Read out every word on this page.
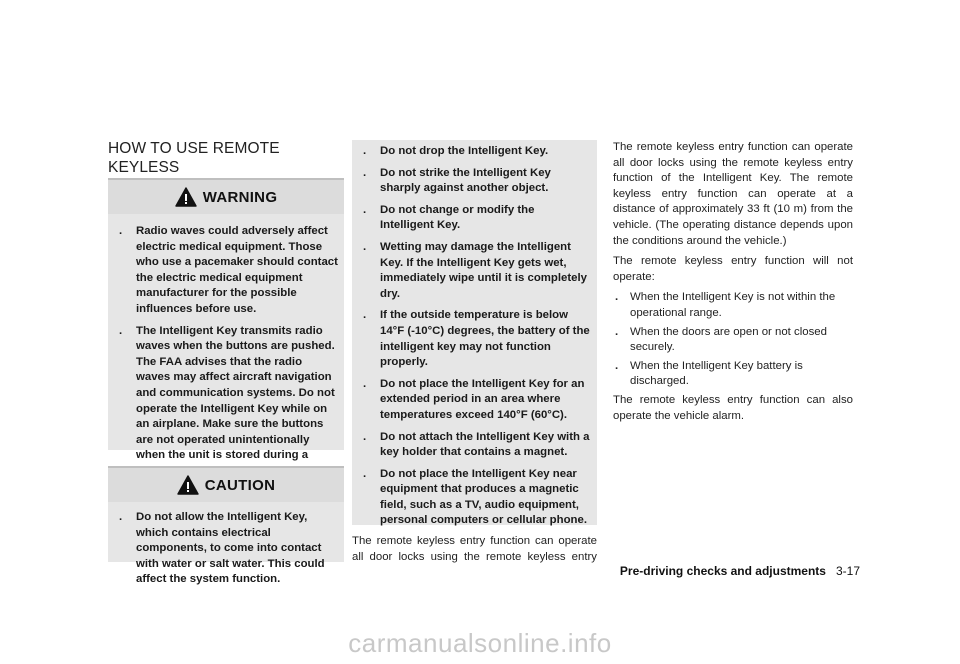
HOW TO USE REMOTE KEYLESS

WARNING
. Radio waves could adversely affect electric medical equipment. Those who use a pacemaker should contact the electric medical equipment manufacturer for the possible influences before use.
. The Intelligent Key transmits radio waves when the buttons are pushed. The FAA advises that the radio waves may affect aircraft navigation and communication systems. Do not operate the Intelligent Key while on an airplane. Make sure the buttons are not operated unintentionally when the unit is stored during a
CAUTION
. Do not allow the Intelligent Key, which contains electrical components, to come into contact with water or salt water. This could affect the system function.
. Do not drop the Intelligent Key.
. Do not strike the Intelligent Key sharply against another object.
. Do not change or modify the Intelligent Key.
. Wetting may damage the Intelligent Key. If the Intelligent Key gets wet, immediately wipe until it is completely dry.
. If the outside temperature is below 14°F (-10°C) degrees, the battery of the intelligent key may not function properly.
. Do not place the Intelligent Key for an extended period in an area where temperatures exceed 140°F (60°C).
. Do not attach the Intelligent Key with a key holder that contains a magnet.
. Do not place the Intelligent Key near equipment that produces a magnetic field, such as a TV, audio equipment, personal computers or cellular phone.

The remote keyless entry function can operate all door locks using the remote keyless entry

The remote keyless entry function can operate all door locks using the remote keyless entry function of the Intelligent Key. The remote keyless entry function can operate at a distance of approximately 33 ft (10 m) from the vehicle. (The operating distance depends upon the conditions around the vehicle.)

The remote keyless entry function will not operate:

. When the Intelligent Key is not within the operational range.
. When the doors are open or not closed securely.
. When the Intelligent Key battery is discharged.

The remote keyless entry function can also operate the vehicle alarm.

Pre-driving checks and adjustments 3-17
carmanualsonline.info
